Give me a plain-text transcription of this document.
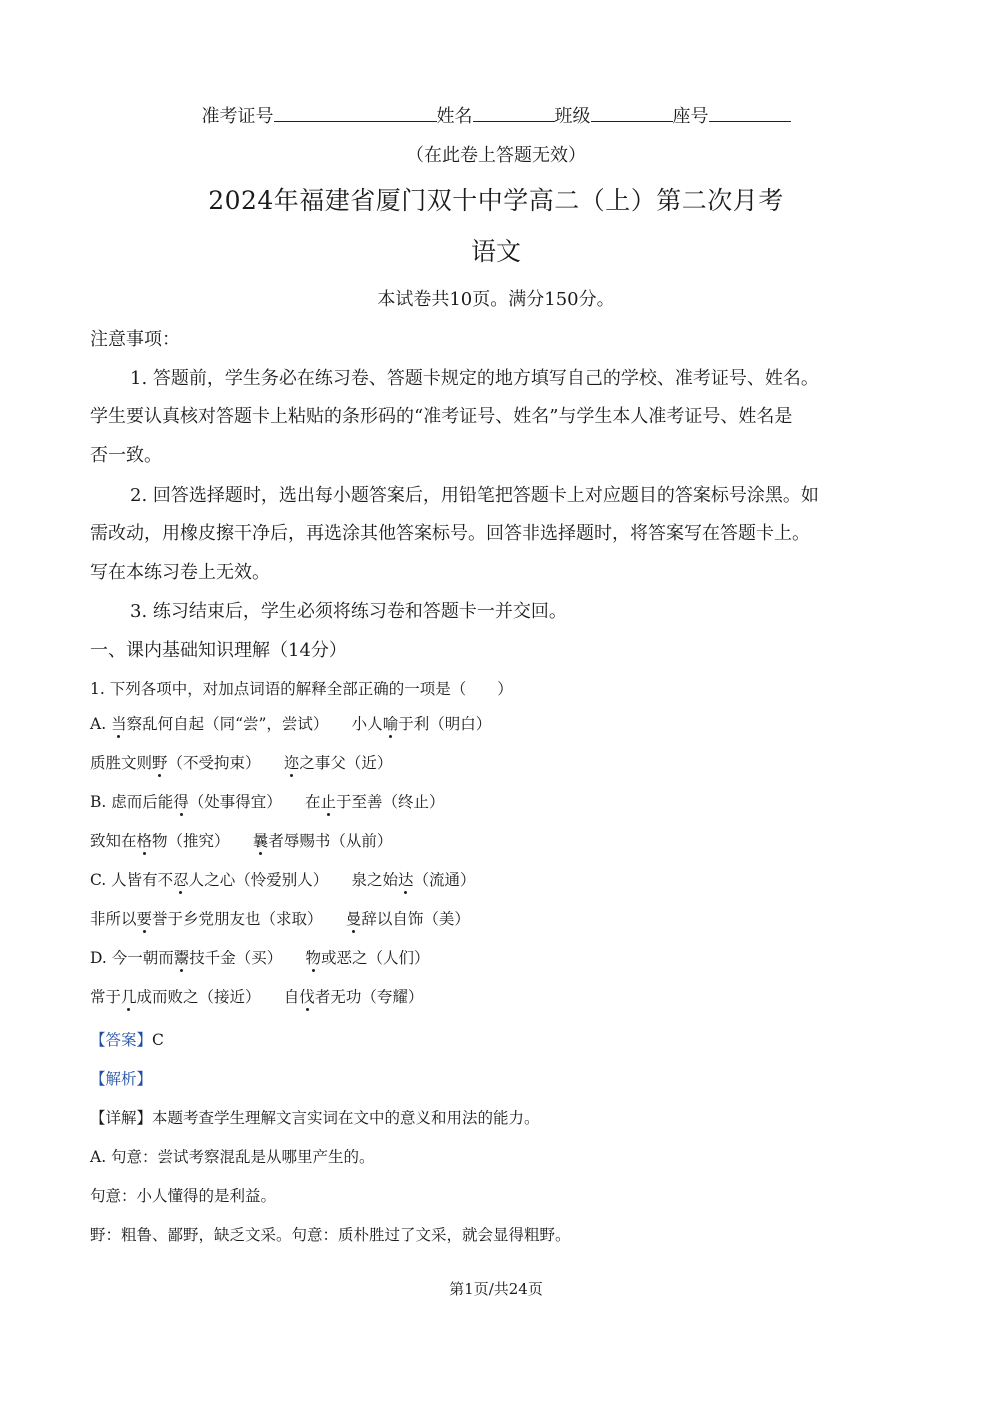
准考证号	姓名	班级	座号
（在此卷上答题无效）
2024年福建省厦门双十中学高二（上）第二次月考
语文
本试卷共10页。满分150分。
注意事项：
1. 答题前，学生务必在练习卷、答题卡规定的地方填写自己的学校、准考证号、姓名。
学生要认真核对答题卡上粘贴的条形码的“准考证号、姓名”与学生本人准考证号、姓名是
否一致。
2. 回答选择题时，选出每小题答案后，用铅笔把答题卡上对应题目的答案标号涂黑。如
需改动，用橡皮擦干净后，再选涂其他答案标号。回答非选择题时，将答案写在答题卡上。
写在本练习卷上无效。
3. 练习结束后，学生必须将练习卷和答题卡一并交回。
一、课内基础知识理解（14分）
1. 下列各项中，对加点词语的解释全部正确的一项是（　　）
A. 当察乱何自起（同“尝”，尝试）　　小人喻于利（明白）
质胜文则野（不受拘束）　　迩之事父（近）
B. 虑而后能得（处事得宜）　　在止于至善（终止）
致知在格物（推究）　　曩者辱赐书（从前）
C. 人皆有不忍人之心（怜爱别人）　　泉之始达（流通）
非所以要誉于乡党朋友也（求取）　　曼辞以自饰（美）
D. 今一朝而鬻技千金（买）　　物或恶之（人们）
常于几成而败之（接近）　　自伐者无功（夸耀）
【答案】C
【解析】
【详解】本题考查学生理解文言实词在文中的意义和用法的能力。
A. 句意：尝试考察混乱是从哪里产生的。
句意：小人懂得的是利益。
野：粗鲁、鄙野，缺乏文采。句意：质朴胜过了文采，就会显得粗野。
第1页/共24页
